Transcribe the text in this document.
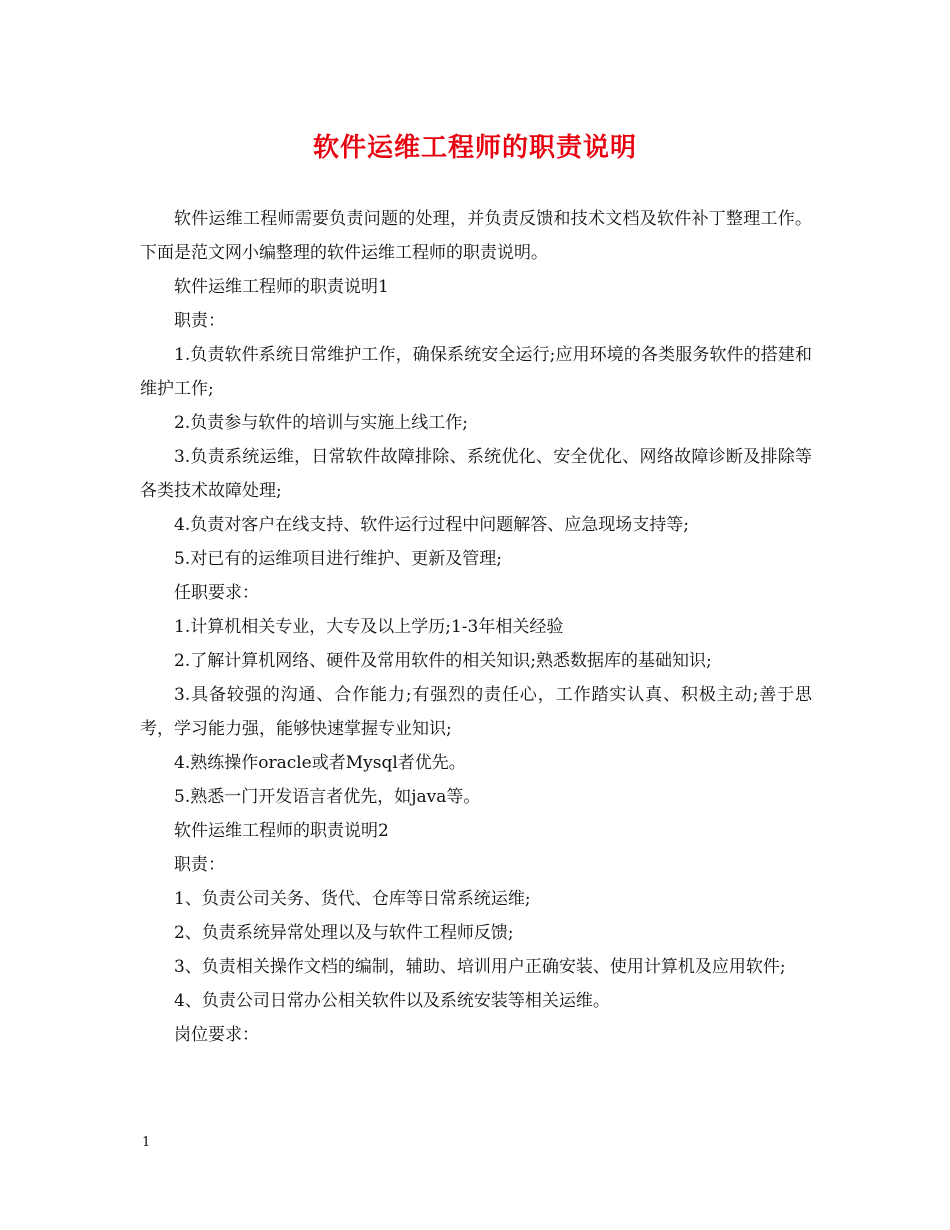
软件运维工程师的职责说明

软件运维工程师需要负责问题的处理，并负责反馈和技术文档及软件补丁整理工作。下面是范文网小编整理的软件运维工程师的职责说明。

软件运维工程师的职责说明1

职责：

1.负责软件系统日常维护工作，确保系统安全运行;应用环境的各类服务软件的搭建和维护工作;

2.负责参与软件的培训与实施上线工作;

3.负责系统运维，日常软件故障排除、系统优化、安全优化、网络故障诊断及排除等各类技术故障处理;

4.负责对客户在线支持、软件运行过程中问题解答、应急现场支持等;

5.对已有的运维项目进行维护、更新及管理;

任职要求：

1.计算机相关专业，大专及以上学历;1-3年相关经验

2.了解计算机网络、硬件及常用软件的相关知识;熟悉数据库的基础知识;

3.具备较强的沟通、合作能力;有强烈的责任心，工作踏实认真、积极主动;善于思考，学习能力强，能够快速掌握专业知识;

4.熟练操作oracle或者Mysql者优先。

5.熟悉一门开发语言者优先，如java等。

软件运维工程师的职责说明2

职责：

1、负责公司关务、货代、仓库等日常系统运维;

2、负责系统异常处理以及与软件工程师反馈;

3、负责相关操作文档的编制，辅助、培训用户正确安装、使用计算机及应用软件;

4、负责公司日常办公相关软件以及系统安装等相关运维。

岗位要求：

1
